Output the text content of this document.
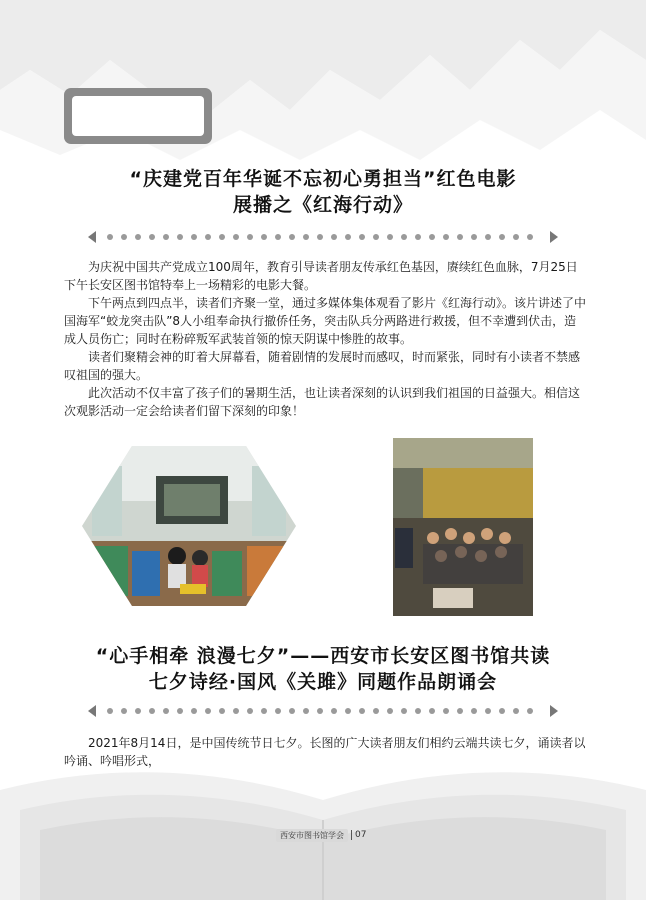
“庆建党百年华诞不忘初心勇担当”红色电影
展播之《红海行动》

为庆祝中国共产党成立100周年，教育引导读者朋友传承红色基因，赓续红色血脉，7月25日下午长安区图书馆特奉上一场精彩的电影大餐。

下午两点到四点半，读者们齐聚一堂，通过多媒体集体观看了影片《红海行动》。该片讲述了中国海军“蛟龙突击队”8人小组奉命执行撤侨任务，突击队兵分两路进行救援，但不幸遭到伏击，造成人员伤亡；同时在粉碎叛军武装首领的惊天阴谋中惨胜的故事。

读者们聚精会神的盯着大屏幕看，随着剧情的发展时而感叹，时而紧张，同时有小读者不禁感叹祖国的强大。

此次活动不仅丰富了孩子们的暑期生活，也让读者深刻的认识到我们祖国的日益强大。相信这次观影活动一定会给读者们留下深刻的印象！

“心手相牵 浪漫七夕”——西安市长安区图书馆共读
七夕诗经·国风《关雎》同题作品朗诵会

2021年8月14日，是中国传统节日七夕。长图的广大读者朋友们相约云端共读七夕，诵读者以吟诵、吟唱形式，

西安市图书馆学会	07
